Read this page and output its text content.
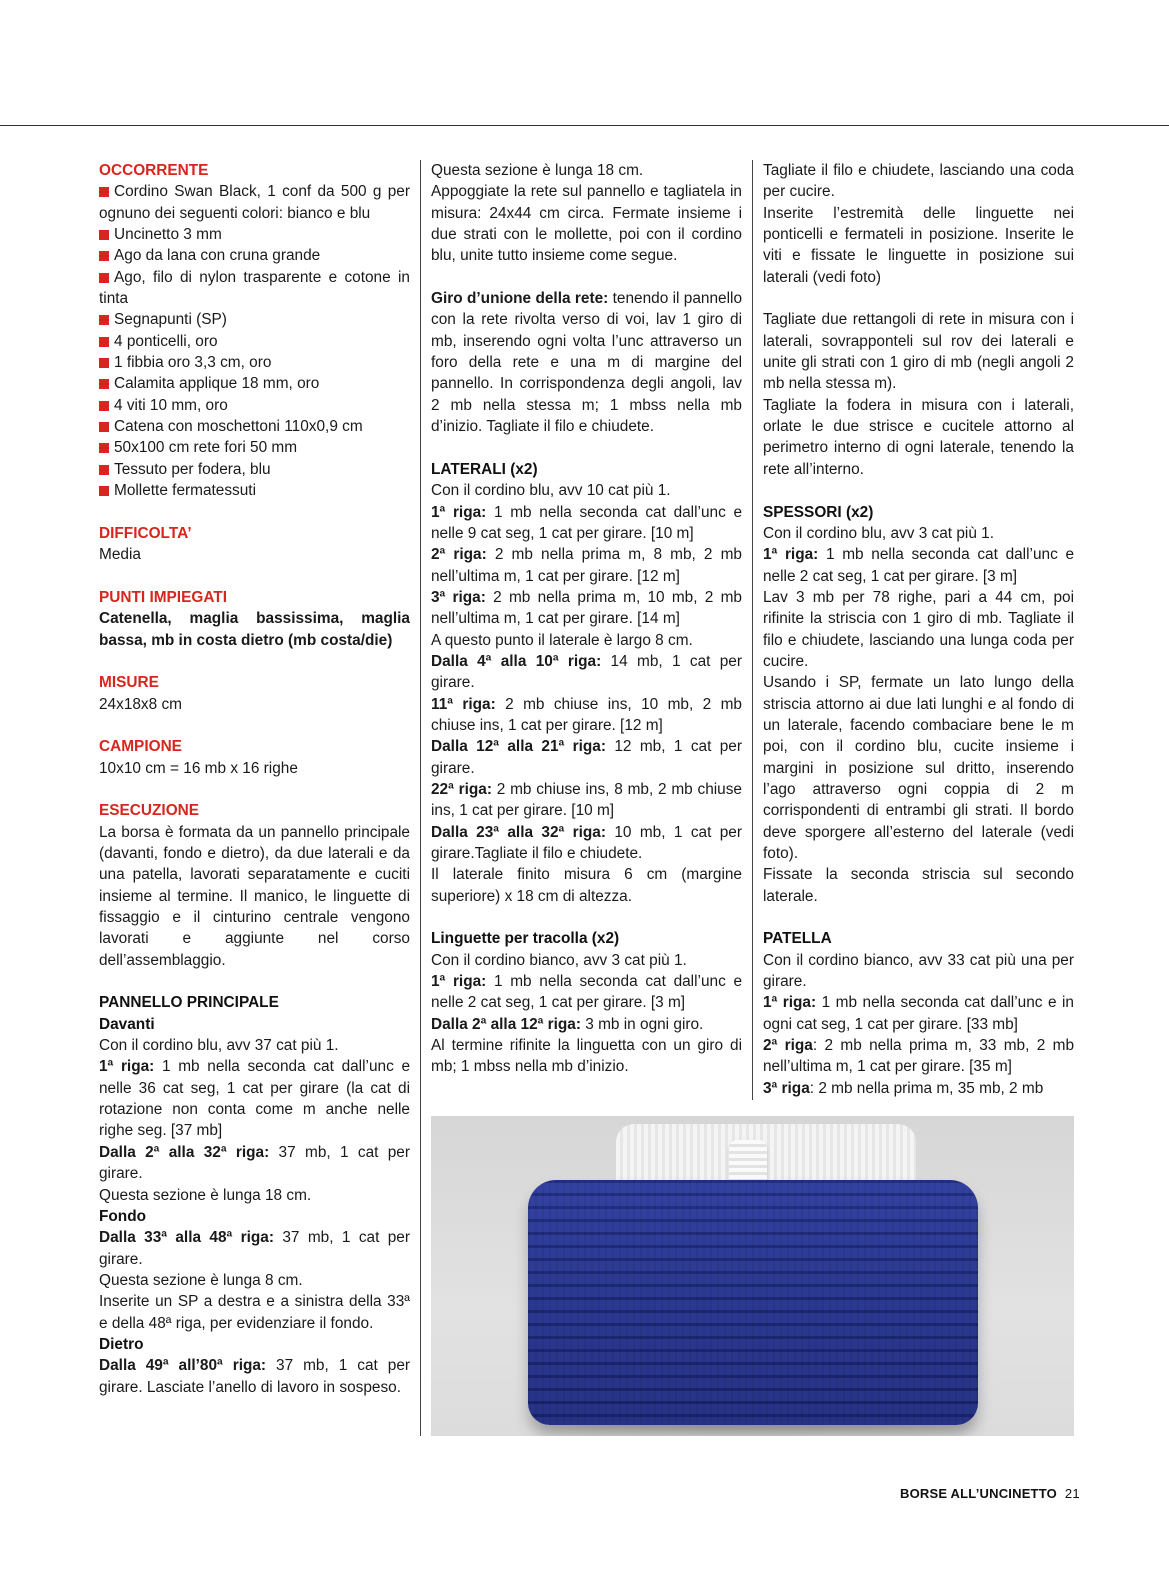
OCCORRENTE

Cordino Swan Black, 1 conf da 500 g per ognuno dei seguenti colori: bianco e blu

Uncinetto 3 mm

Ago da lana con cruna grande

Ago, filo di nylon trasparente e cotone in tinta

Segnapunti (SP)

4 ponticelli, oro

1 fibbia oro 3,3 cm, oro

Calamita applique 18 mm, oro

4 viti 10 mm, oro

Catena con moschettoni 110x0,9 cm

50x100 cm rete fori 50 mm

Tessuto per fodera, blu

Mollette fermatessuti

DIFFICOLTA’

Media

PUNTI IMPIEGATI

Catenella, maglia bassissima, maglia bassa, mb in costa dietro (mb costa/die)

MISURE

24x18x8 cm

CAMPIONE

10x10 cm = 16 mb x 16 righe

ESECUZIONE

La borsa è formata da un pannello principale (davanti, fondo e dietro), da due laterali e da una patella, lavorati separatamente e cuciti insieme al termine. Il manico, le linguette di fissaggio e il cinturino centrale vengono lavorati e aggiunte nel corso dell’assemblaggio.

PANNELLO PRINCIPALE

Davanti

Con il cordino blu, avv 37 cat più 1.

1ª riga: 1 mb nella seconda cat dall’unc e nelle 36 cat seg, 1 cat per girare (la cat di rotazione non conta come m anche nelle righe seg. [37 mb]

Dalla 2ª alla 32ª riga: 37 mb, 1 cat per girare.

Questa sezione è lunga 18 cm.

Fondo

Dalla 33ª alla 48ª riga: 37 mb, 1 cat per girare.

Questa sezione è lunga 8 cm.

Inserite un SP a destra e a sinistra della 33ª e della 48ª riga, per evidenziare il fondo.

Dietro

Dalla 49ª all’80ª riga: 37 mb, 1 cat per girare. Lasciate l’anello di lavoro in sospeso.

Questa sezione è lunga 18 cm.

Appoggiate la rete sul pannello e tagliatela in misura: 24x44 cm circa. Fermate insieme i due strati con le mollette, poi con il cordino blu, unite tutto insieme come segue.

Giro d’unione della rete: tenendo il pannello con la rete rivolta verso di voi, lav 1 giro di mb, inserendo ogni volta l’unc attraverso un foro della rete e una m di margine del pannello. In corrispondenza degli angoli, lav 2 mb nella stessa m; 1 mbss nella mb d’inizio. Tagliate il filo e chiudete.

LATERALI (x2)

Con il cordino blu, avv 10 cat più 1.

1ª riga: 1 mb nella seconda cat dall’unc e nelle 9 cat seg, 1 cat per girare. [10 m]

2ª riga: 2 mb nella prima m, 8 mb, 2 mb nell’ultima m, 1 cat per girare. [12 m]

3ª riga: 2 mb nella prima m, 10 mb, 2 mb nell’ultima m, 1 cat per girare. [14 m]

A questo punto il laterale è largo 8 cm.

Dalla 4ª alla 10ª riga: 14 mb, 1 cat per girare.

11ª riga: 2 mb chiuse ins, 10 mb, 2 mb chiuse ins, 1 cat per girare. [12 m]

Dalla 12ª alla 21ª riga: 12 mb, 1 cat per girare.

22ª riga: 2 mb chiuse ins, 8 mb, 2 mb chiuse ins, 1 cat per girare. [10 m]

Dalla 23ª alla 32ª riga: 10 mb, 1 cat per girare.Tagliate il filo e chiudete.

Il laterale finito misura 6 cm (margine superiore) x 18 cm di altezza.

Linguette per tracolla (x2)

Con il cordino bianco, avv 3 cat più 1.

1ª riga: 1 mb nella seconda cat dall’unc e nelle 2 cat seg, 1 cat per girare. [3 m]

Dalla 2ª alla 12ª riga: 3 mb in ogni giro.

Al termine rifinite la linguetta con un giro di mb; 1 mbss nella mb d’inizio.

Tagliate il filo e chiudete, lasciando una coda per cucire.

Inserite l’estremità delle linguette nei ponticelli e fermateli in posizione. Inserite le viti e fissate le linguette in posizione sui laterali (vedi foto)

Tagliate due rettangoli di rete in misura con i laterali, sovrapponteli sul rov dei laterali e unite gli strati con 1 giro di mb (negli angoli 2 mb nella stessa m).

Tagliate la fodera in misura con i laterali, orlate le due strisce e cucitele attorno al perimetro interno di ogni laterale, tenendo la rete all’interno.

SPESSORI (x2)

Con il cordino blu, avv 3 cat più 1.

1ª riga: 1 mb nella seconda cat dall’unc e nelle 2 cat seg, 1 cat per girare. [3 m]

Lav 3 mb per 78 righe, pari a 44 cm, poi rifinite la striscia con 1 giro di mb. Tagliate il filo e chiudete, lasciando una lunga coda per cucire.

Usando i SP, fermate un lato lungo della striscia attorno ai due lati lunghi e al fondo di un laterale, facendo combaciare bene le m poi, con il cordino blu, cucite insieme i margini in posizione sul dritto, inserendo l’ago attraverso ogni coppia di 2 m corrispondenti di entrambi gli strati. Il bordo deve sporgere all’esterno del laterale (vedi foto).

Fissate la seconda striscia sul secondo laterale.

PATELLA

Con il cordino bianco, avv 33 cat più una per girare.

1ª riga: 1 mb nella seconda cat dall’unc e in ogni cat seg, 1 cat per girare. [33 mb]

2ª riga: 2 mb nella prima m, 33 mb, 2 mb nell’ultima m, 1 cat per girare. [35 m]

3ª riga: 2 mb nella prima m, 35 mb, 2 mb

BORSE ALL’UNCINETTO 21
